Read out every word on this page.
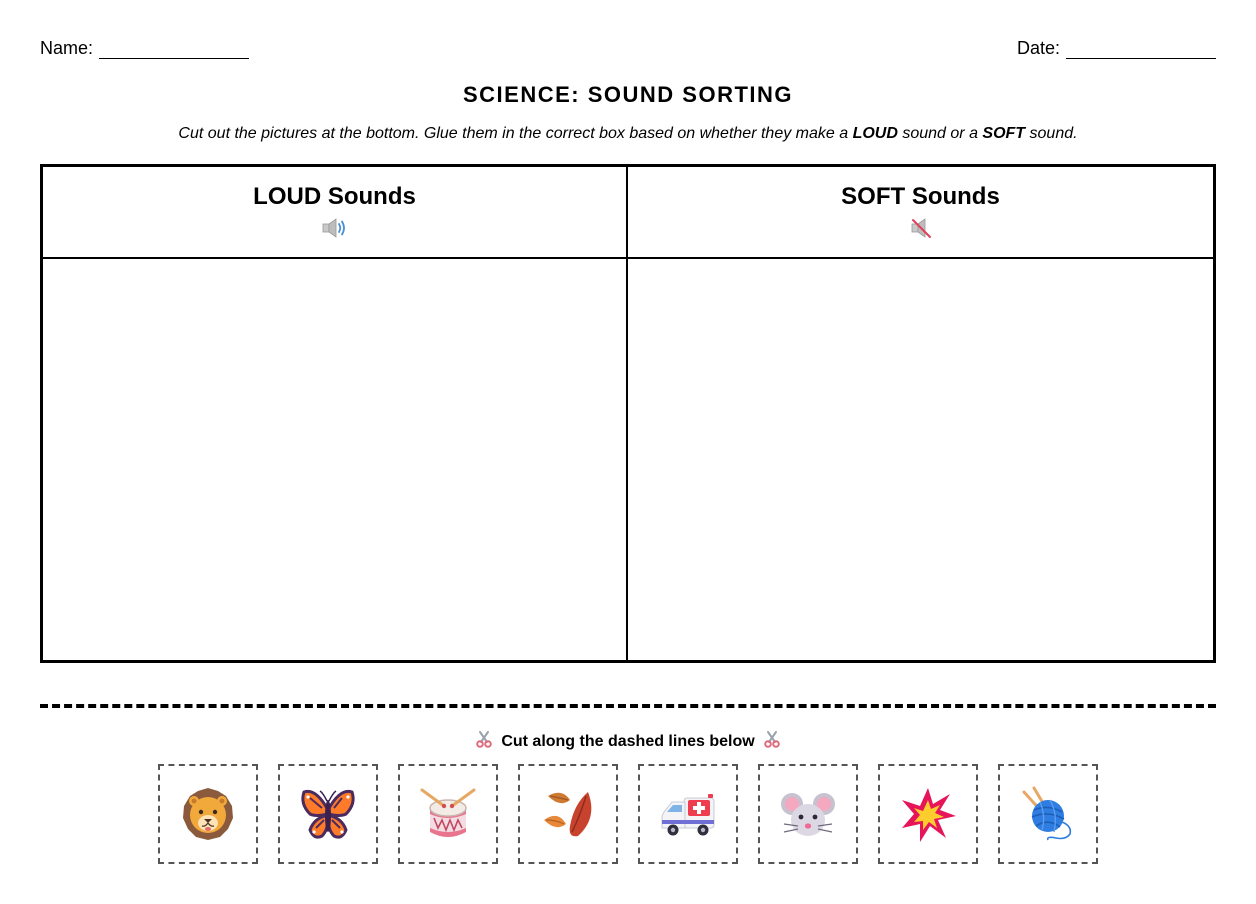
Name:	Date:
SCIENCE: SOUND SORTING
Cut out the pictures at the bottom. Glue them in the correct box based on whether they make a LOUD sound or a SOFT sound.
LOUD Sounds	SOFT Sounds
Cut along the dashed lines below
